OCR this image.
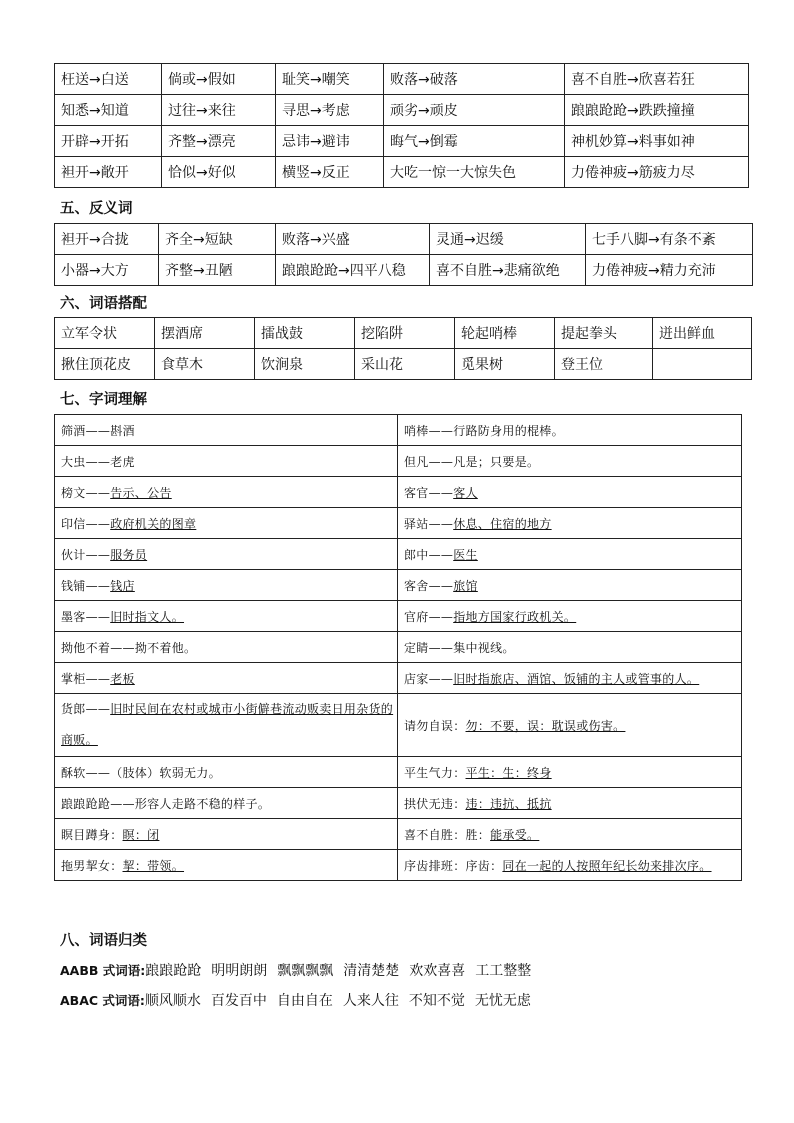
枉送→白送	倘或→假如	耻笑→嘲笑	败落→破落	喜不自胜→欣喜若狂
知悉→知道	过往→来往	寻思→考虑	顽劣→顽皮	踉踉跄跄→跌跌撞撞
开辟→开拓	齐整→漂亮	忌讳→避讳	晦气→倒霉	神机妙算→料事如神
袒开→敞开	恰似→好似	横竖→反正	大吃一惊一大惊失色	力倦神疲→筋疲力尽
五、反义词
袒开→合拢	齐全→短缺	败落→兴盛	灵通→迟缓	七手八脚→有条不紊
小器→大方	齐整→丑陋	踉踉跄跄→四平八稳	喜不自胜→悲痛欲绝	力倦神疲→精力充沛
六、词语搭配
立军令状	摆酒席	擂战鼓	挖陷阱	轮起哨棒	提起拳头	迸出鲜血
揪住顶花皮	食草木	饮涧泉	采山花	觅果树	登王位	
七、字词理解
筛酒——斟酒	哨棒——行路防身用的棍棒。
大虫——老虎	但凡——凡是；只要是。
榜文——告示、公告	客官——客人
印信——政府机关的图章	驿站——休息、住宿的地方
伙计——服务员	郎中——医生
钱铺——钱店	客舍——旅馆
墨客——旧时指文人。	官府——指地方国家行政机关。
拗他不着——拗不着他。	定睛——集中视线。
掌柜——老板	店家——旧时指旅店、酒馆、饭铺的主人或管事的人。
货郎——旧时民间在农村或城市小街僻巷流动贩卖日用杂货的商贩。	请勿自误：勿：不要，误：耽误或伤害。
酥软——（肢体）软弱无力。	平生气力：平生：生：终身
踉踉跄跄——形容人走路不稳的样子。	拱伏无违：违：违抗、抵抗
瞑目蹲身：瞑：闭	喜不自胜：胜：能承受。
拖男挈女：挈：带领。	序齿排班：序齿：同在一起的人按照年纪长幼来排次序。
八、词语归类
AABB 式词语:踉踉跄跄 明明朗朗 飘飘飘飘 清清楚楚 欢欢喜喜 工工整整
ABAC 式词语:顺风顺水 百发百中 自由自在 人来人往 不知不觉 无忧无虑
